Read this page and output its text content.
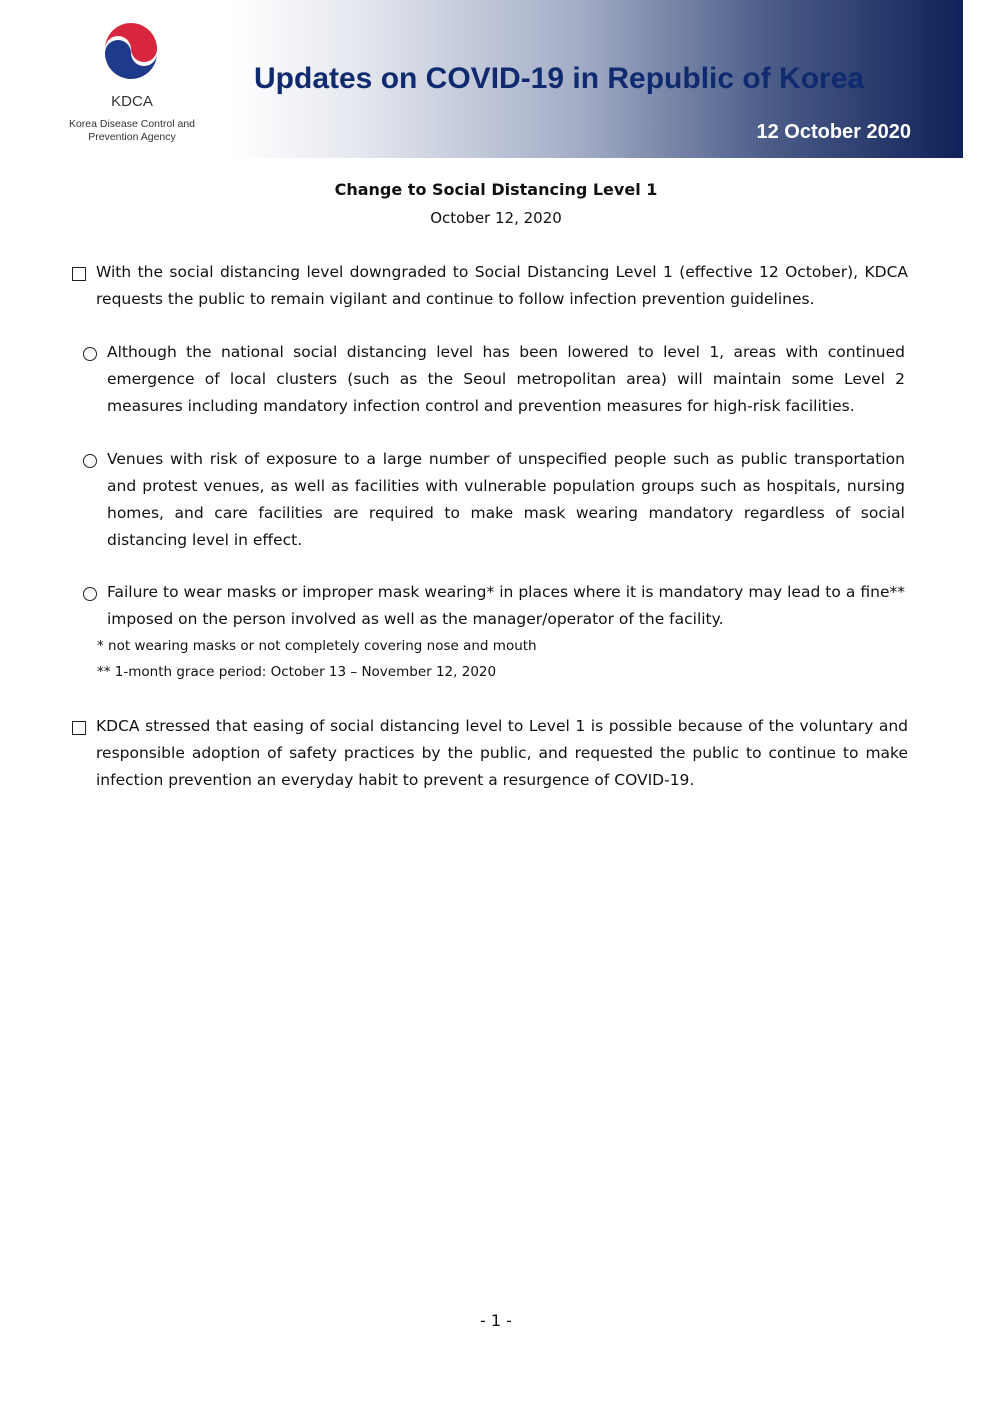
KDCA
Korea Disease Control and
Prevention Agency
Updates on COVID-19 in Republic of Korea
12 October 2020
Change to Social Distancing Level 1
October 12, 2020
With the social distancing level downgraded to Social Distancing Level 1 (effective 12 October), KDCA requests the public to remain vigilant and continue to follow infection prevention guidelines.
Although the national social distancing level has been lowered to level 1, areas with continued emergence of local clusters (such as the Seoul metropolitan area) will maintain some Level 2 measures including mandatory infection control and prevention measures for high-risk facilities.
Venues with risk of exposure to a large number of unspecified people such as public transportation and protest venues, as well as facilities with vulnerable population groups such as hospitals, nursing homes, and care facilities are required to make mask wearing mandatory regardless of social distancing level in effect.
Failure to wear masks or improper mask wearing* in places where it is mandatory may lead to a fine** imposed on the person involved as well as the manager/operator of the facility.
* not wearing masks or not completely covering nose and mouth
** 1-month grace period: October 13 – November 12, 2020
KDCA stressed that easing of social distancing level to Level 1 is possible because of the voluntary and responsible adoption of safety practices by the public, and requested the public to continue to make infection prevention an everyday habit to prevent a resurgence of COVID-19.
- 1 -
